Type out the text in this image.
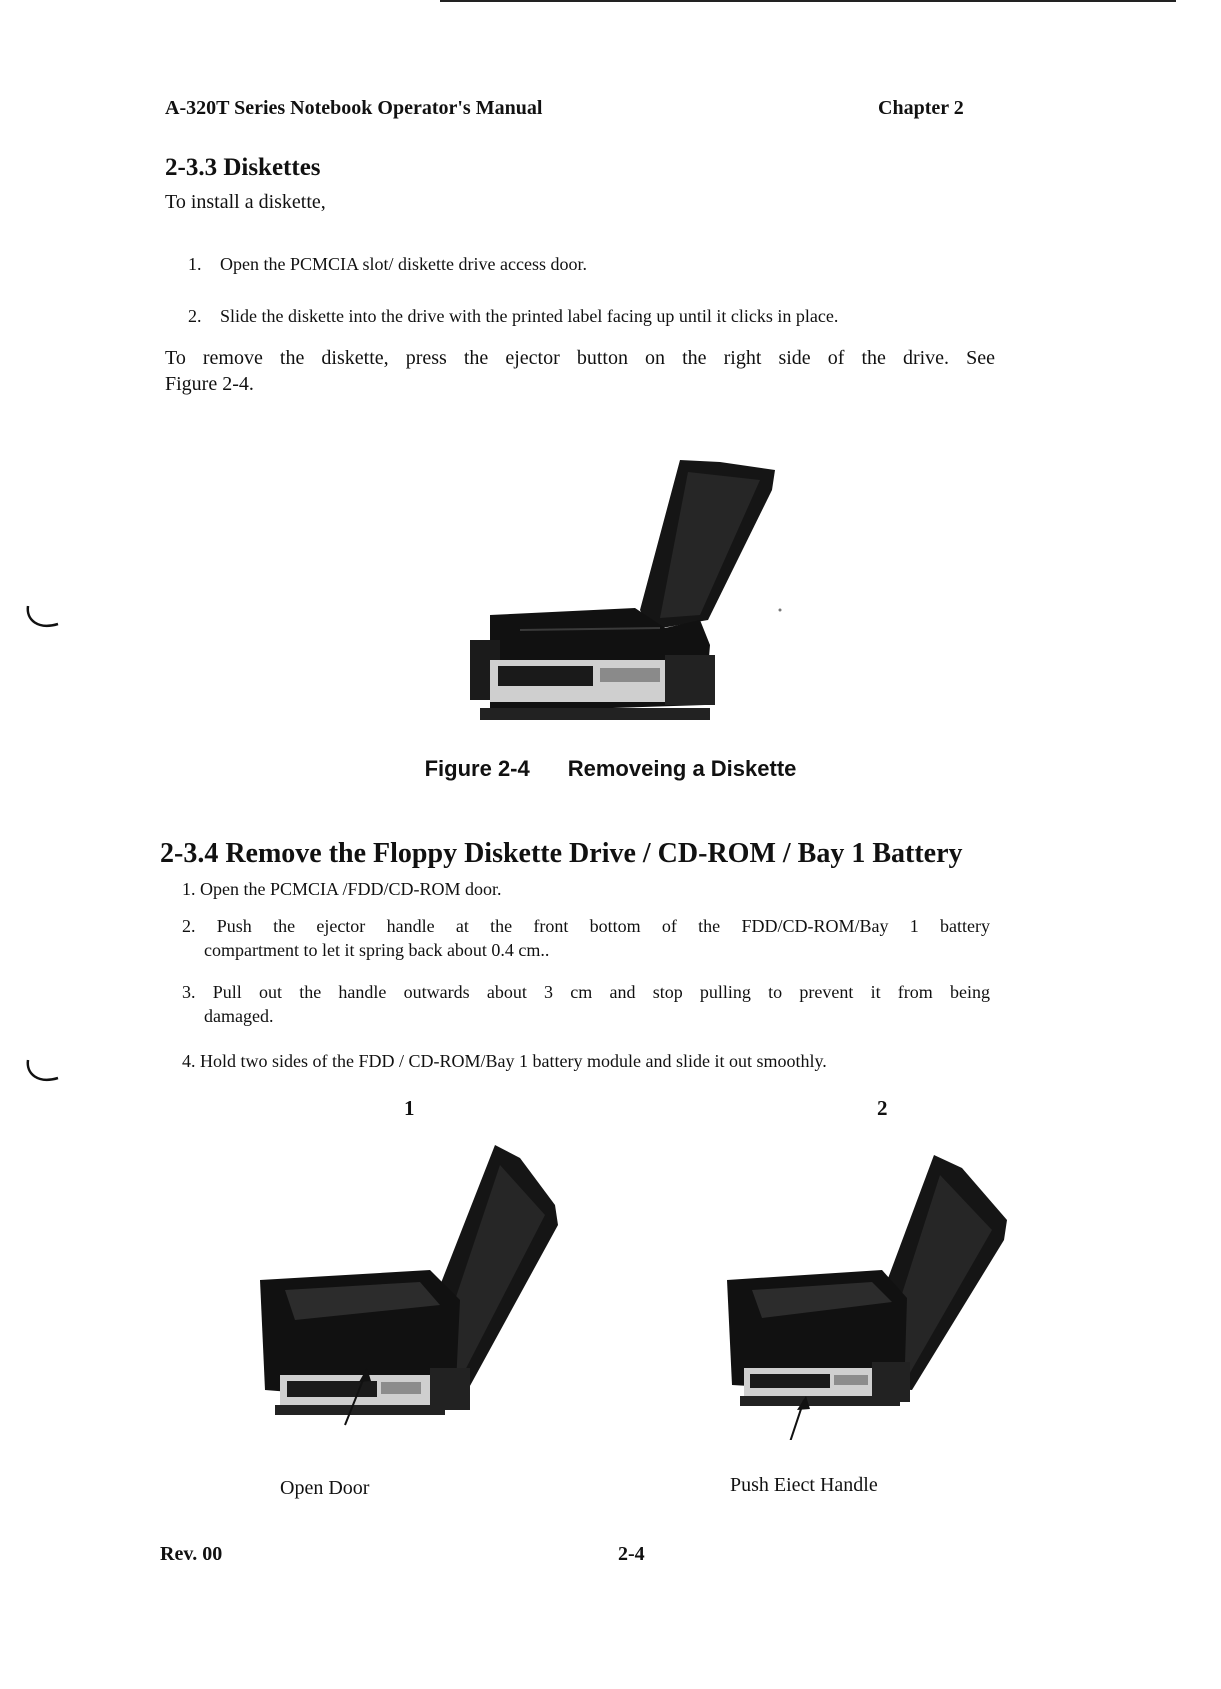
A-320T Series Notebook Operator's Manual	Chapter 2
2-3.3 Diskettes
To install a diskette,
1. Open the PCMCIA slot/ diskette drive access door.
2. Slide the diskette into the drive with the printed label facing up until it clicks in place.
To remove the diskette, press the ejector button on the right side of the drive. See
Figure 2-4.
Figure 2-4 Removeing a Diskette
2-3.4 Remove the Floppy Diskette Drive / CD-ROM / Bay 1 Battery
1. Open the PCMCIA /FDD/CD-ROM door.
2. Push the ejector handle at the front bottom of the FDD/CD-ROM/Bay 1 battery
compartment to let it spring back about 0.4 cm..
3. Pull out the handle outwards about 3 cm and stop pulling to prevent it from being
damaged.
4. Hold two sides of the FDD / CD-ROM/Bay 1 battery module and slide it out smoothly.
1	2
Open Door	Push Eiect Handle
Rev. 00	2-4
